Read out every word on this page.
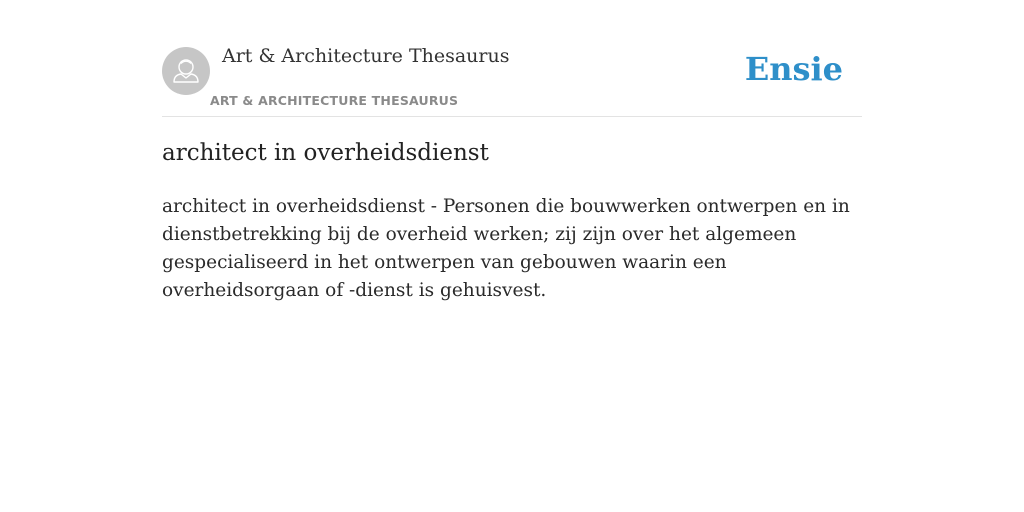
Art & Architecture Thesaurus
ART & ARCHITECTURE THESAURUS
Ensie
architect in overheidsdienst

architect in overheidsdienst - Personen die bouwwerken ontwerpen en in dienstbetrekking bij de overheid werken; zij zijn over het algemeen gespecialiseerd in het ontwerpen van gebouwen waarin een overheidsorgaan of -dienst is gehuisvest.
